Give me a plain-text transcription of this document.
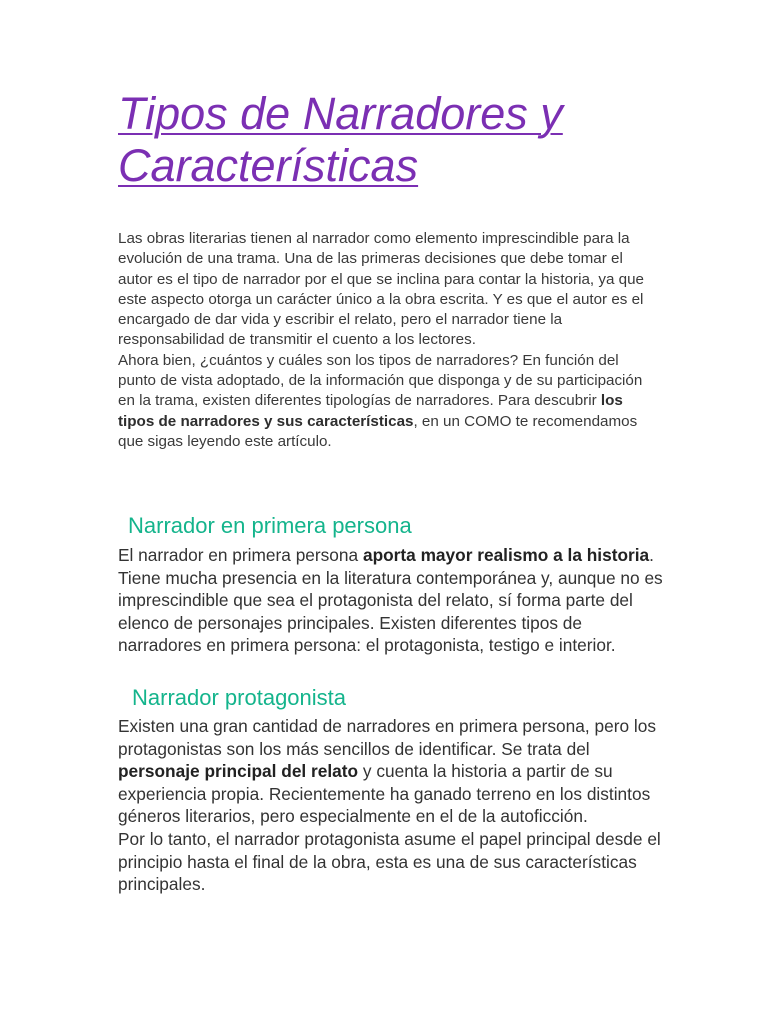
Tipos de Narradores y Características

Las obras literarias tienen al narrador como elemento imprescindible para la evolución de una trama. Una de las primeras decisiones que debe tomar el autor es el tipo de narrador por el que se inclina para contar la historia, ya que este aspecto otorga un carácter único a la obra escrita. Y es que el autor es el encargado de dar vida y escribir el relato, pero el narrador tiene la responsabilidad de transmitir el cuento a los lectores.

Ahora bien, ¿cuántos y cuáles son los tipos de narradores? En función del punto de vista adoptado, de la información que disponga y de su participación en la trama, existen diferentes tipologías de narradores. Para descubrir los tipos de narradores y sus características, en un COMO te recomendamos que sigas leyendo este artículo.

Narrador en primera persona

El narrador en primera persona aporta mayor realismo a la historia. Tiene mucha presencia en la literatura contemporánea y, aunque no es imprescindible que sea el protagonista del relato, sí forma parte del elenco de personajes principales. Existen diferentes tipos de narradores en primera persona: el protagonista, testigo e interior.

Narrador protagonista

Existen una gran cantidad de narradores en primera persona, pero los protagonistas son los más sencillos de identificar. Se trata del personaje principal del relato y cuenta la historia a partir de su experiencia propia. Recientemente ha ganado terreno en los distintos géneros literarios, pero especialmente en el de la autoficción.

Por lo tanto, el narrador protagonista asume el papel principal desde el principio hasta el final de la obra, esta es una de sus características principales.
